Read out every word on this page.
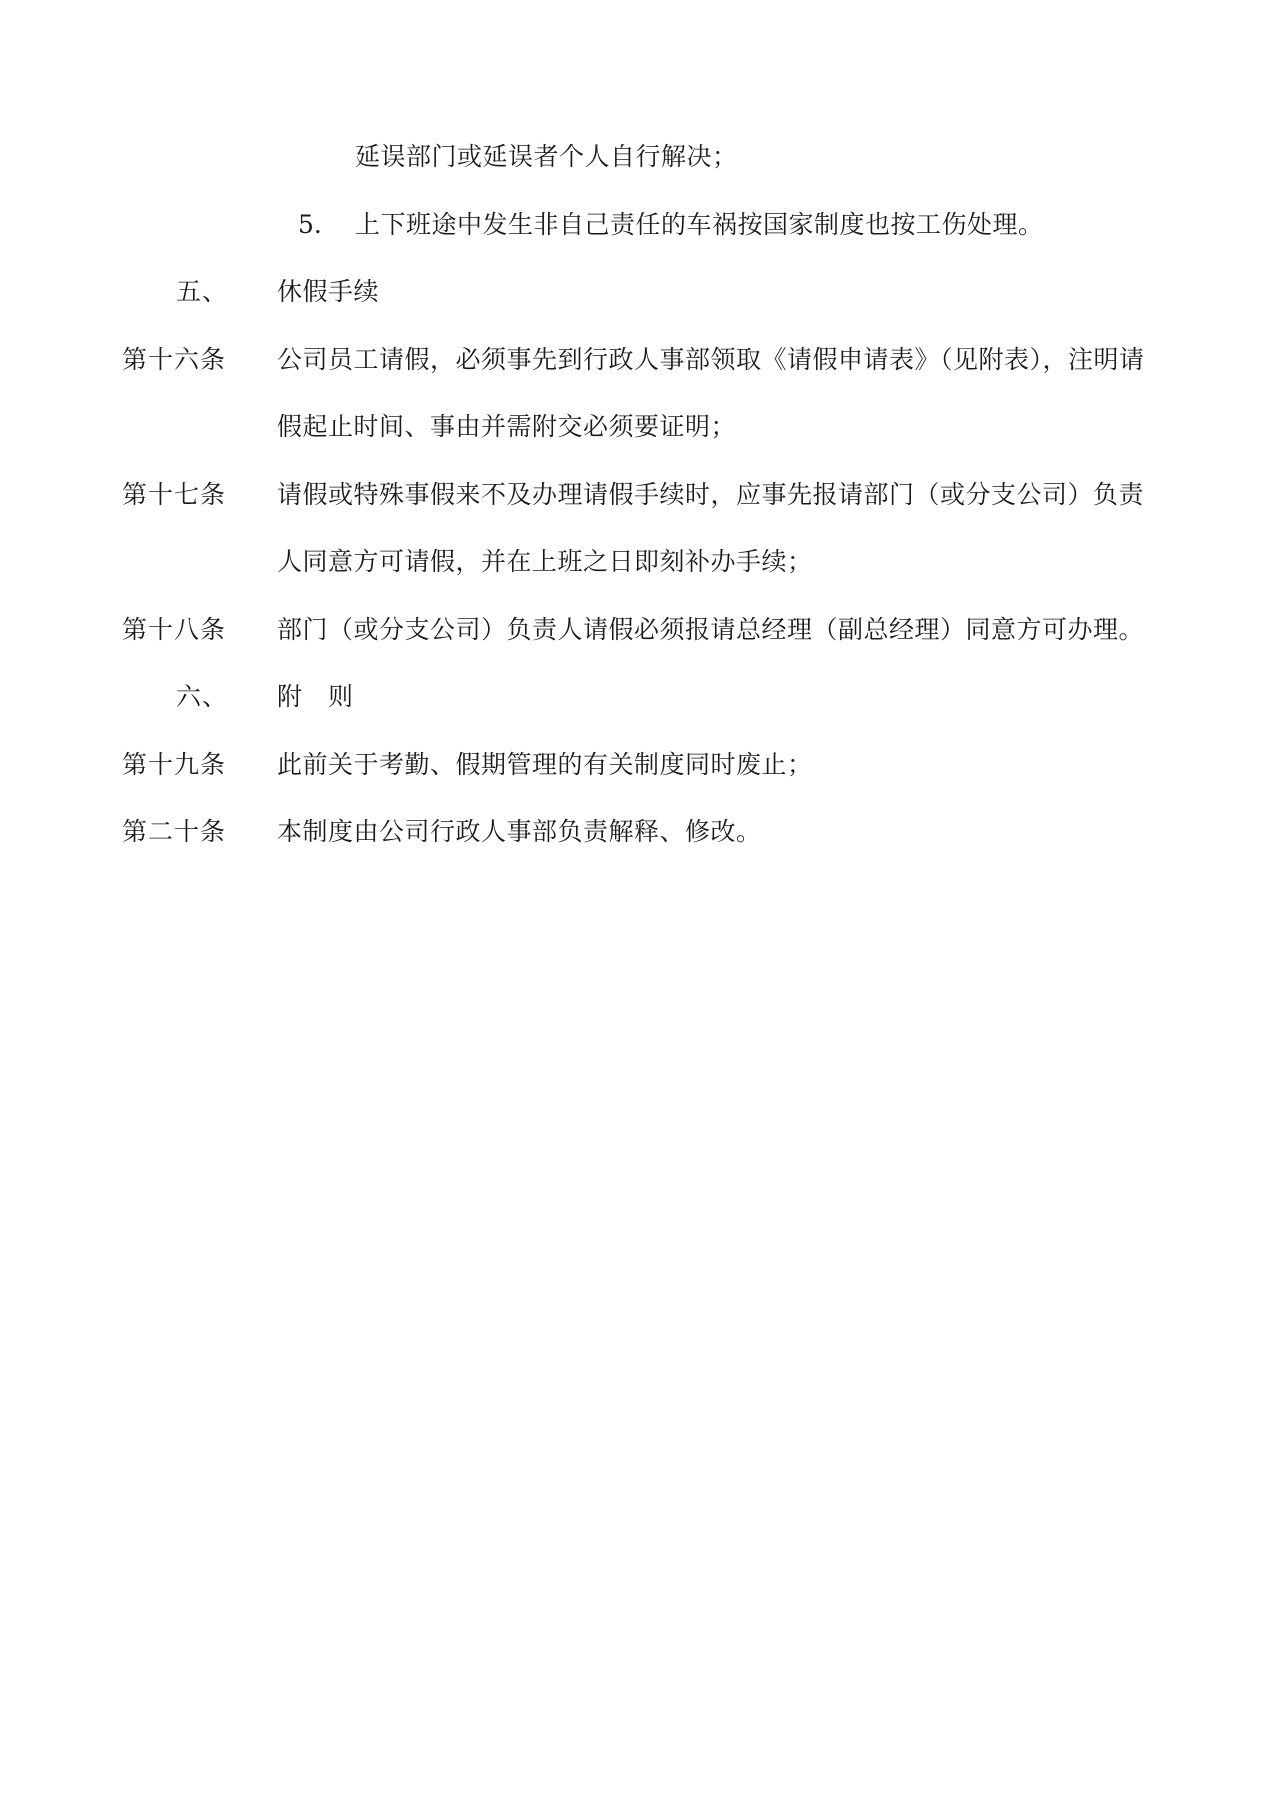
延误部门或延误者个人自行解决；
5. 上下班途中发生非自己责任的车祸按国家制度也按工伤处理。
五、 休假手续
第十六条 公司员工请假，必须事先到行政人事部领取《请假申请表》（见附表），注明请
假起止时间、事由并需附交必须要证明；
第十七条 请假或特殊事假来不及办理请假手续时，应事先报请部门（或分支公司）负责
人同意方可请假，并在上班之日即刻补办手续；
第十八条 部门（或分支公司）负责人请假必须报请总经理（副总经理）同意方可办理。
六、 附　则
第十九条 此前关于考勤、假期管理的有关制度同时废止；
第二十条 本制度由公司行政人事部负责解释、修改。
